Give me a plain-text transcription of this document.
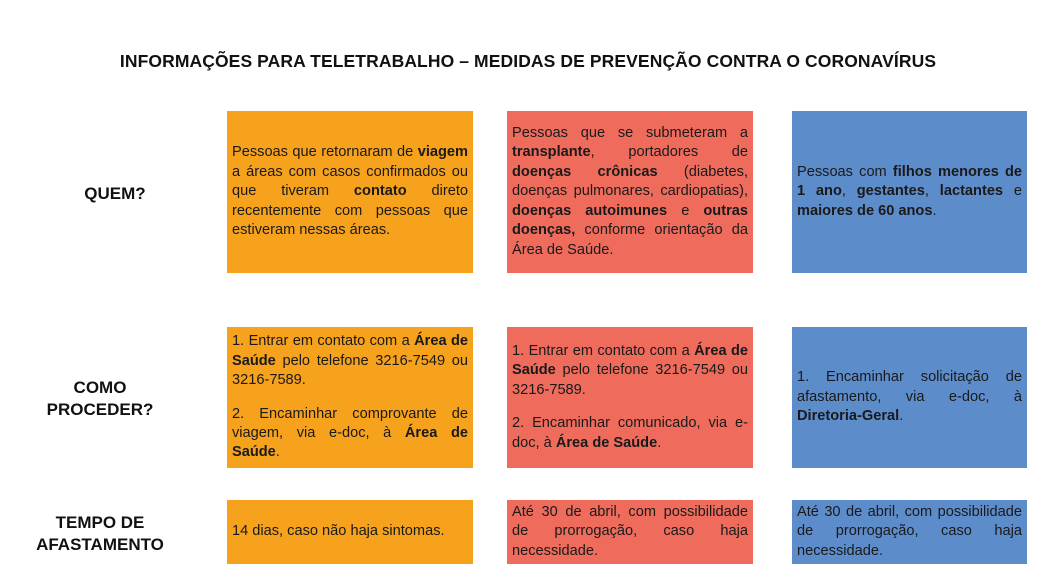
INFORMAÇÕES PARA TELETRABALHO – MEDIDAS DE PREVENÇÃO CONTRA O CORONAVÍRUS
QUEM?
Pessoas que retornaram de viagem a áreas com casos confirmados ou que tiveram contato direto recentemente com pessoas que estiveram nessas áreas.
Pessoas que se submeteram a transplante, portadores de doenças crônicas (diabetes, doenças pulmonares, cardiopatias), doenças autoimunes e outras doenças, conforme orientação da Área de Saúde.
Pessoas com filhos menores de 1 ano, gestantes, lactantes e maiores de 60 anos.
COMO PROCEDER?
1. Entrar em contato com a Área de Saúde pelo telefone 3216-7549 ou 3216-7589.
2. Encaminhar comprovante de viagem, via e-doc, à Área de Saúde.
1. Entrar em contato com a Área de Saúde pelo telefone 3216-7549 ou 3216-7589.
2. Encaminhar comunicado, via e-doc, à Área de Saúde.
1. Encaminhar solicitação de afastamento, via e-doc, à Diretoria-Geral.
TEMPO DE AFASTAMENTO
14 dias, caso não haja sintomas.
Até 30 de abril, com possibilidade de prorrogação, caso haja necessidade.
Até 30 de abril, com possibilidade de prorrogação, caso haja necessidade.
